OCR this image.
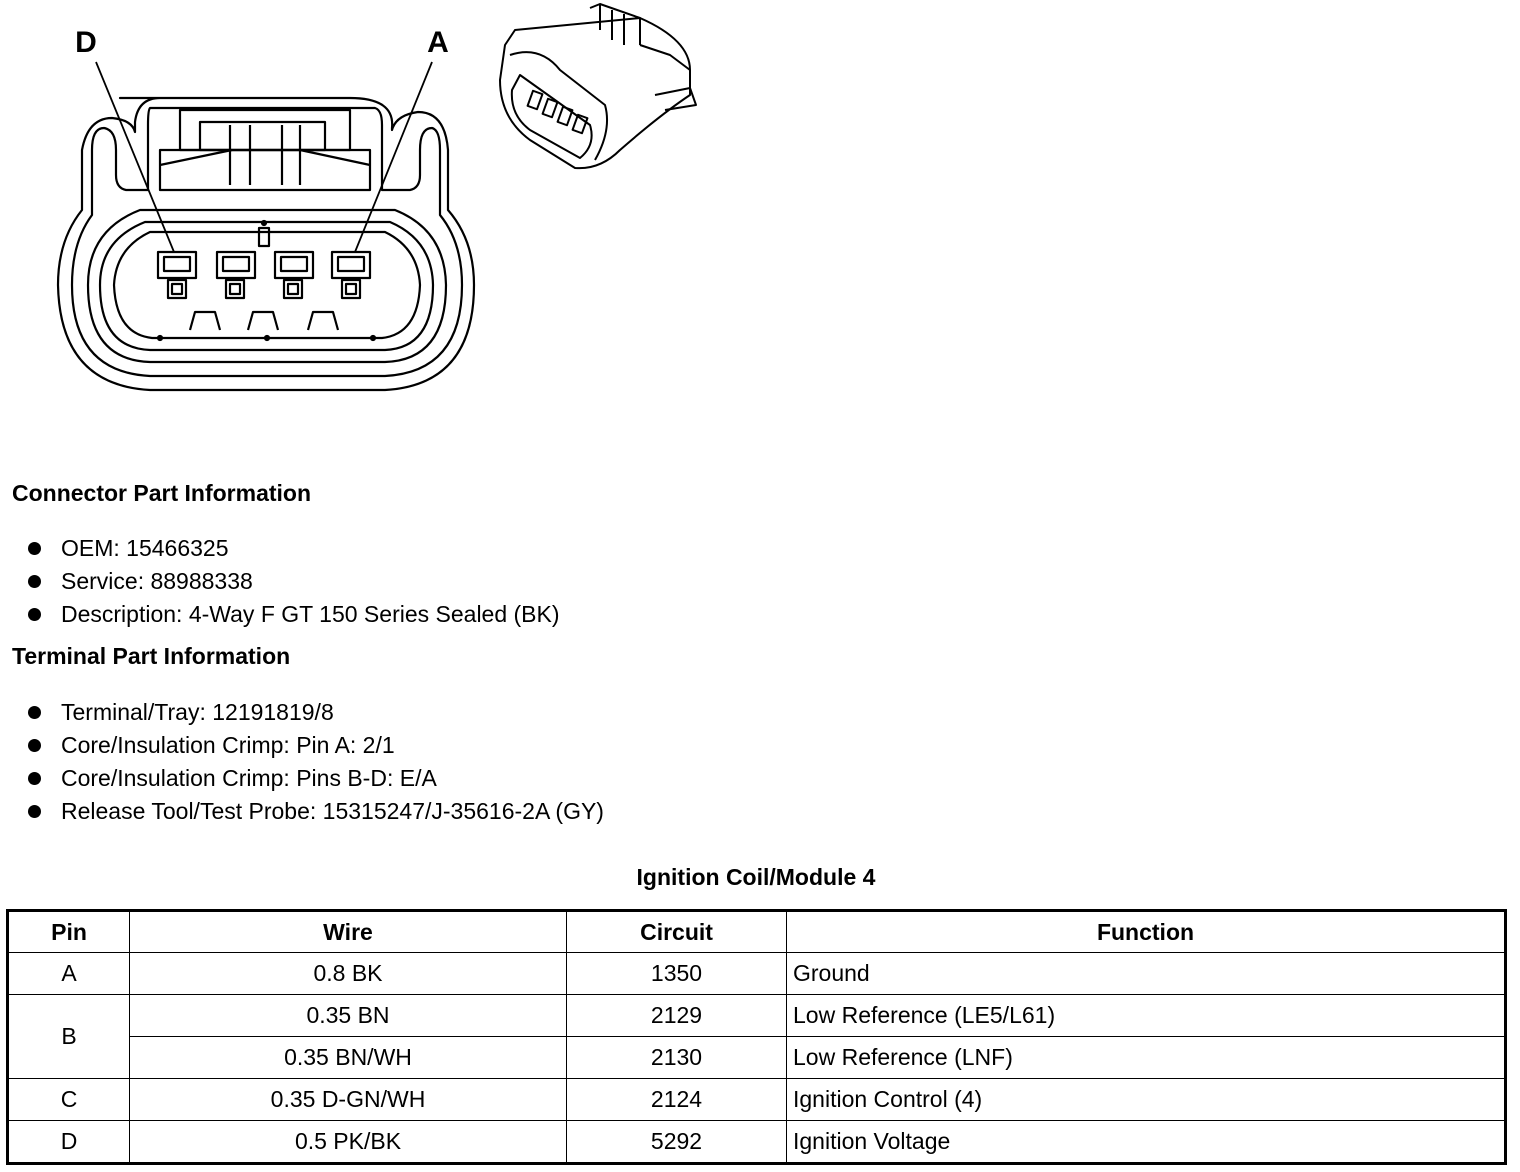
D	A
Connector Part Information
OEM: 15466325
Service: 88988338
Description: 4-Way F GT 150 Series Sealed (BK)
Terminal Part Information
Terminal/Tray: 12191819/8
Core/Insulation Crimp: Pin A: 2/1
Core/Insulation Crimp: Pins B-D: E/A
Release Tool/Test Probe: 15315247/J-35616-2A (GY)
Ignition Coil/Module 4
Pin	Wire	Circuit	Function
A	0.8 BK	1350	Ground
B	0.35 BN	2129	Low Reference (LE5/L61)
	0.35 BN/WH	2130	Low Reference (LNF)
C	0.35 D-GN/WH	2124	Ignition Control (4)
D	0.5 PK/BK	5292	Ignition Voltage
